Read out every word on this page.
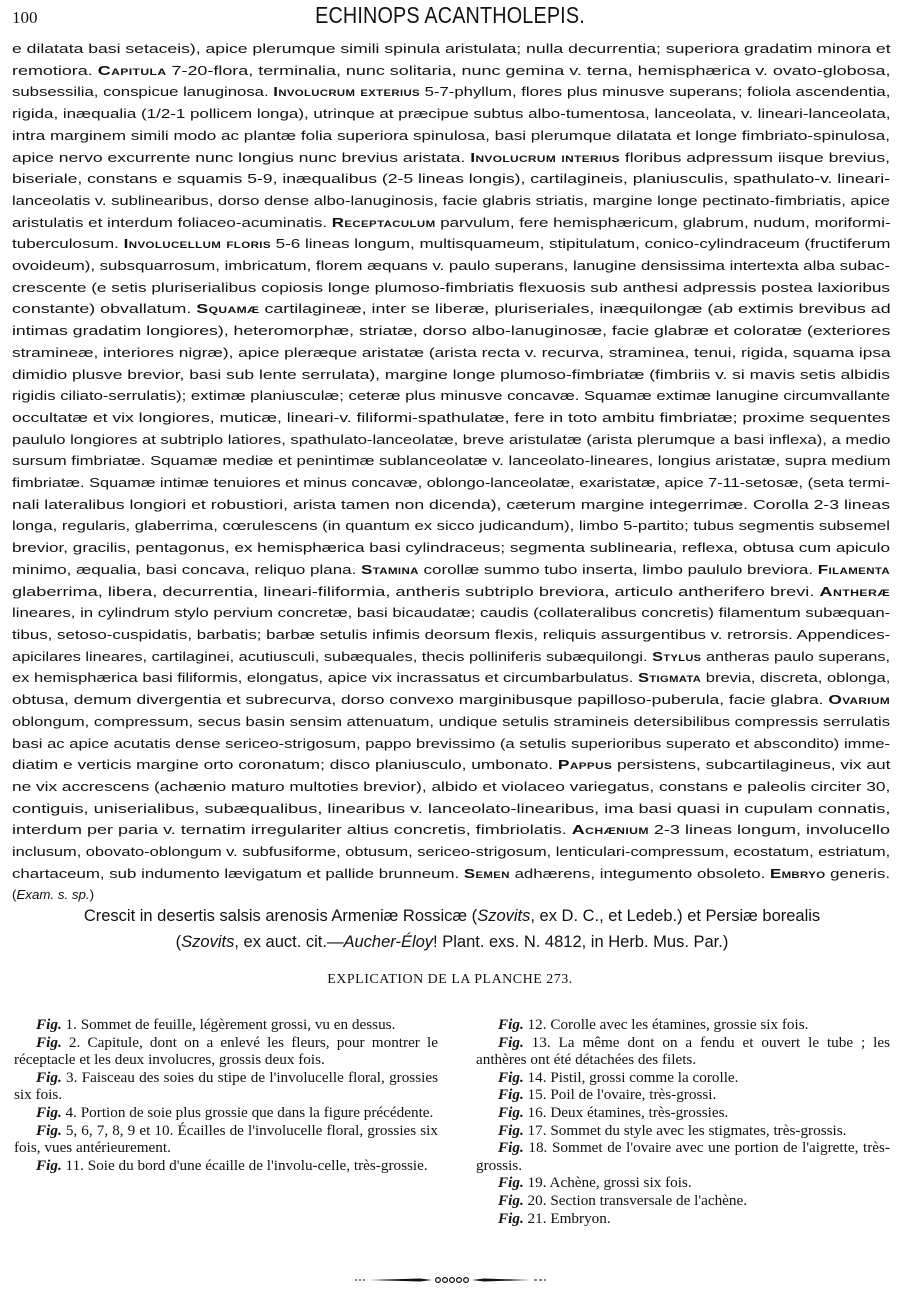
100	ECHINOPS ACANTHOLEPIS.
e dilatata basi setaceis), apice plerumque simili spinula aristulata; nulla decurrentia; superiora gradatim minora et
remotiora. Capitula 7-20-flora, terminalia, nunc solitaria, nunc gemina v. terna, hemisphærica v. ovato-globosa,
subsessilia, conspicue lanuginosa. Involucrum exterius 5-7-phyllum, flores plus minusve superans; foliola ascendentia,
rigida, inæqualia (1/2-1 pollicem longa), utrinque at præcipue subtus albo-tumentosa, lanceolata, v. lineari-lanceolata,
intra marginem simili modo ac plantæ folia superiora spinulosa, basi plerumque dilatata et longe fimbriato-spinulosa,
apice nervo excurrente nunc longius nunc brevius aristata. Involucrum interius floribus adpressum iisque brevius,
biseriale, constans e squamis 5-9, inæqualibus (2-5 lineas longis), cartilagineis, planiusculis, spathulato-v. lineari-
lanceolatis v. sublinearibus, dorso dense albo-lanuginosis, facie glabris striatis, margine longe pectinato-fimbriatis, apice
aristulatis et interdum foliaceo-acuminatis. Receptaculum parvulum, fere hemisphæricum, glabrum, nudum, moriformi-
tuberculosum. Involucellum floris 5-6 lineas longum, multisquameum, stipitulatum, conico-cylindraceum (fructiferum
ovoideum), subsquarrosum, imbricatum, florem æquans v. paulo superans, lanugine densissima intertexta alba subac-
crescente (e setis pluriserialibus copiosis longe plumoso-fimbriatis flexuosis sub anthesi adpressis postea laxioribus
constante) obvallatum. Squamæ cartilagineæ, inter se liberæ, pluriseriales, inæquilongæ (ab extimis brevibus ad
intimas gradatim longiores), heteromorphæ, striatæ, dorso albo-lanuginosæ, facie glabræ et coloratæ (exteriores
stramineæ, interiores nigræ), apice pleræque aristatæ (arista recta v. recurva, straminea, tenui, rigida, squama ipsa
dimidio plusve brevior, basi sub lente serrulata), margine longe plumoso-fimbriatæ (fimbriis v. si mavis setis albidis
rigidis ciliato-serrulatis); extimæ planiusculæ; ceteræ plus minusve concavæ. Squamæ extimæ lanugine circumvallante
occultatæ et vix longiores, muticæ, lineari-v. filiformi-spathulatæ, fere in toto ambitu fimbriatæ; proxime sequentes
paululo longiores at subtriplo latiores, spathulato-lanceolatæ, breve aristulatæ (arista plerumque a basi inflexa), a medio
sursum fimbriatæ. Squamæ mediæ et penintimæ sublanceolatæ v. lanceolato-lineares, longius aristatæ, supra medium
fimbriatæ. Squamæ intimæ tenuiores et minus concavæ, oblongo-lanceolatæ, exaristatæ, apice 7-11-setosæ, (seta termi-
nali lateralibus longiori et robustiori, arista tamen non dicenda), cæterum margine integerrimæ. Corolla 2-3 lineas
longa, regularis, glaberrima, cœrulescens (in quantum ex sicco judicandum), limbo 5-partito; tubus segmentis subsemel
brevior, gracilis, pentagonus, ex hemisphærica basi cylindraceus; segmenta sublinearia, reflexa, obtusa cum apiculo
minimo, æqualia, basi concava, reliquo plana. Stamina corollæ summo tubo inserta, limbo paululo breviora. Filamenta
glaberrima, libera, decurrentia, lineari-filiformia, antheris subtriplo breviora, articulo antherifero brevi. Antheræ
lineares, in cylindrum stylo pervium concretæ, basi bicaudatæ; caudis (collateralibus concretis) filamentum subæquan-
tibus, setoso-cuspidatis, barbatis; barbæ setulis infimis deorsum flexis, reliquis assurgentibus v. retrorsis. Appendices-
apicilares lineares, cartilaginei, acutiusculi, subæquales, thecis polliniferis subæquilongi. Stylus antheras paulo superans,
ex hemisphærica basi filiformis, elongatus, apice vix incrassatus et circumbarbulatus. Stigmata brevia, discreta, oblonga,
obtusa, demum divergentia et subrecurva, dorso convexo marginibusque papilloso-puberula, facie glabra. Ovarium
oblongum, compressum, secus basin sensim attenuatum, undique setulis stramineis detersibilibus compressis serrulatis
basi ac apice acutatis dense sericeo-strigosum, pappo brevissimo (a setulis superioribus superato et abscondito) imme-
diatim e verticis margine orto coronatum; disco planiusculo, umbonato. Pappus persistens, subcartilagineus, vix aut
ne vix accrescens (achænio maturo multoties brevior), albido et violaceo variegatus, constans e paleolis circiter 30,
contiguis, uniserialibus, subæqualibus, linearibus v. lanceolato-linearibus, ima basi quasi in cupulam connatis,
interdum per paria v. ternatim irregulariter altius concretis, fimbriolatis. Achænium 2-3 lineas longum, involucello
inclusum, obovato-oblongum v. subfusiforme, obtusum, sericeo-strigosum, lenticulari-compressum, ecostatum, estriatum,
chartaceum, sub indumento lævigatum et pallide brunneum. Semen adhærens, integumento obsoleto. Embryo generis.
(Exam. s. sp.)
Crescit in desertis salsis arenosis Armeniæ Rossicæ (Szovits, ex D. C., et Ledeb.) et Persiæ borealis
(Szovits, ex auct. cit.—Aucher-Éloy! Plant. exs. N. 4812, in Herb. Mus. Par.)
EXPLICATION DE LA PLANCHE 273.

Fig. 1. Sommet de feuille, légèrement grossi, vu en dessus.

Fig. 2. Capitule, dont on a enlevé les fleurs, pour montrer le réceptacle et les deux involucres, grossis deux fois.

Fig. 3. Faisceau des soies du stipe de l'involucelle floral, grossies six fois.

Fig. 4. Portion de soie plus grossie que dans la figure précédente.

Fig. 5, 6, 7, 8, 9 et 10. Écailles de l'involucelle floral, grossies six fois, vues antérieurement.

Fig. 11. Soie du bord d'une écaille de l'involu-celle, très-grossie.

Fig. 12. Corolle avec les étamines, grossie six fois.

Fig. 13. La même dont on a fendu et ouvert le tube ; les anthères ont été détachées des filets.

Fig. 14. Pistil, grossi comme la corolle.

Fig. 15. Poil de l'ovaire, très-grossi.

Fig. 16. Deux étamines, très-grossies.

Fig. 17. Sommet du style avec les stigmates, très-grossis.

Fig. 18. Sommet de l'ovaire avec une portion de l'aigrette, très-grossis.

Fig. 19. Achène, grossi six fois.

Fig. 20. Section transversale de l'achène.

Fig. 21. Embryon.
